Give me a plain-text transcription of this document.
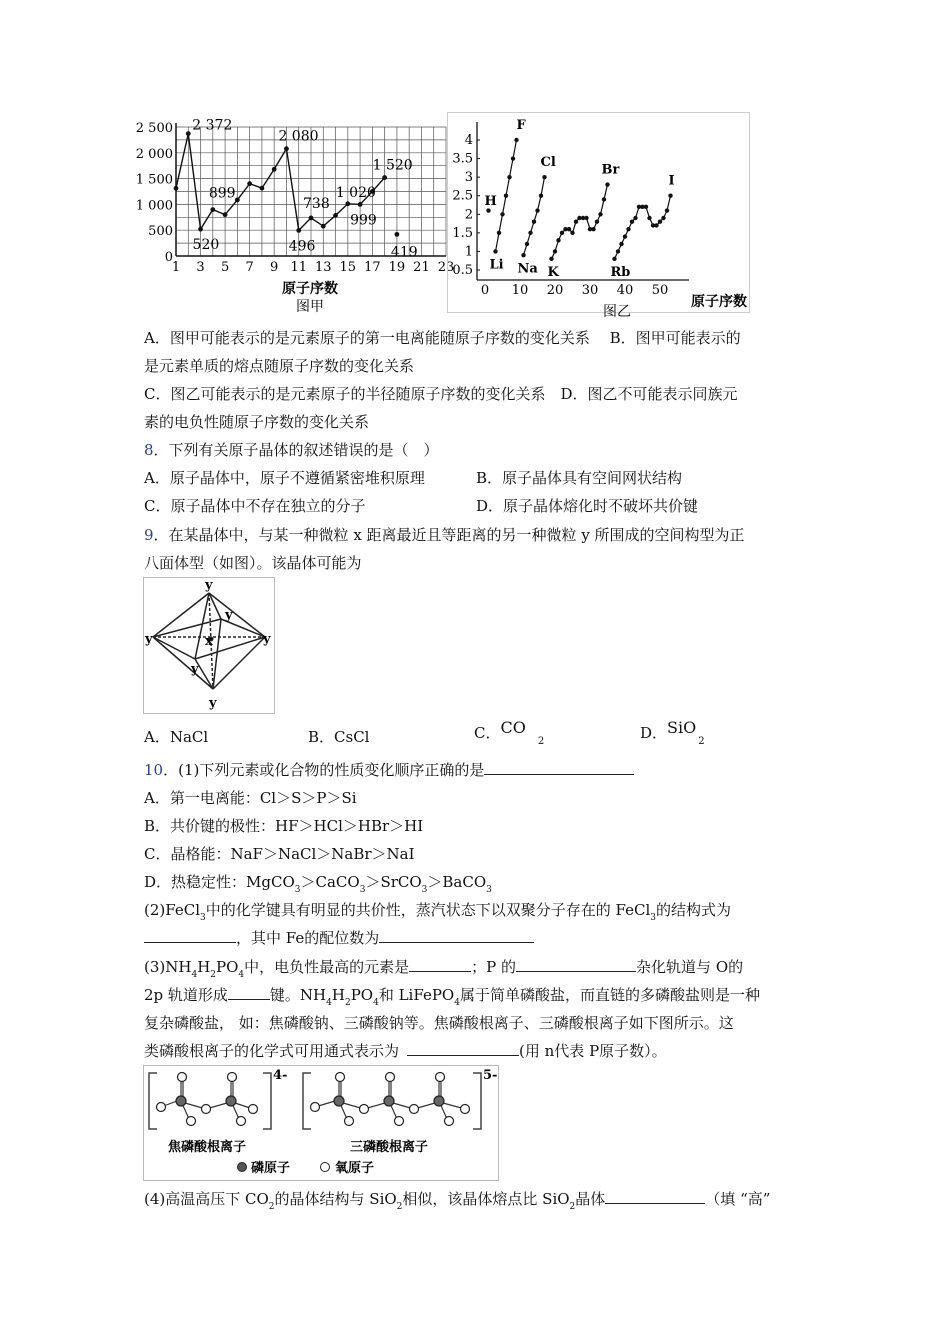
0
500
1 000
1 500
2 000
2 500
1 3 5 7 9 11 13 15 17 19 21 23
2 372
899
520
2 080
738
496
1 020
999
1 520
419
原子序数
图甲
0.5
1
1.5
2
2.5
3
3.5
4
0 10 20 30 40 50
F
H
Li
Cl
Na
Br
K
I
Rb
原子序数
图乙
A．图甲可能表示的是元素原子的第一电离能随原子序数的变化关系　 B．图甲可能表示的
是元素单质的熔点随原子序数的变化关系
C．图乙可能表示的是元素原子的半径随原子序数的变化关系　D．图乙不可能表示同族元
素的电负性随原子序数的变化关系
8．下列有关原子晶体的叙述错误的是（　）
A．原子晶体中，原子不遵循紧密堆积原理	B．原子晶体具有空间网状结构
C．原子晶体中不存在独立的分子	D．原子晶体熔化时不破坏共价键
9．在某晶体中，与某一种微粒 x 距离最近且等距离的另一种微粒 y 所围成的空间构型为正
八面体型（如图）。该晶体可能为
y
y	y
y
x
y
y
A．NaCl	B．CsCl	C．$CO_2$	D．SiO$_2$
10．(1)下列元素或化合物的性质变化顺序正确的是
A．第一电离能：Cl＞S＞P＞Si
B．共价键的极性：HF＞HCl＞HBr＞HI
C．晶格能：NaF＞NaCl＞NaBr＞NaI
D．热稳定性：MgCO$_3$＞CaCO$_3$＞SrCO$_3$＞BaCO$_3$
(2)FeCl$_3$中的化学键具有明显的共价性，蒸汽状态下以双聚分子存在的 FeCl$_3$的结构式为
，其中 Fe的配位数为
$(3)NH_4H_2PO_4$中，电负性最高的元素是	；P 的	杂化轨道与 O的
2p 轨道形成	键。$NH_4H_2PO_4$和 LiFePO$_4$属于简单磷酸盐，而直链的多磷酸盐则是一种
复杂磷酸盐， 如：焦磷酸钠、三磷酸钠等。焦磷酸根离子、三磷酸根离子如下图所示。这
类磷酸根离子的化学式可用通式表示为	(用 n代表 P原子数）。
4-	5-
焦磷酸根离子	三磷酸根离子
磷原子	氧原子
(4)高温高压下 $CO_2$的晶体结构与 SiO$_2$相似，该晶体熔点比 SiO$_2$晶体	（填 “高”
